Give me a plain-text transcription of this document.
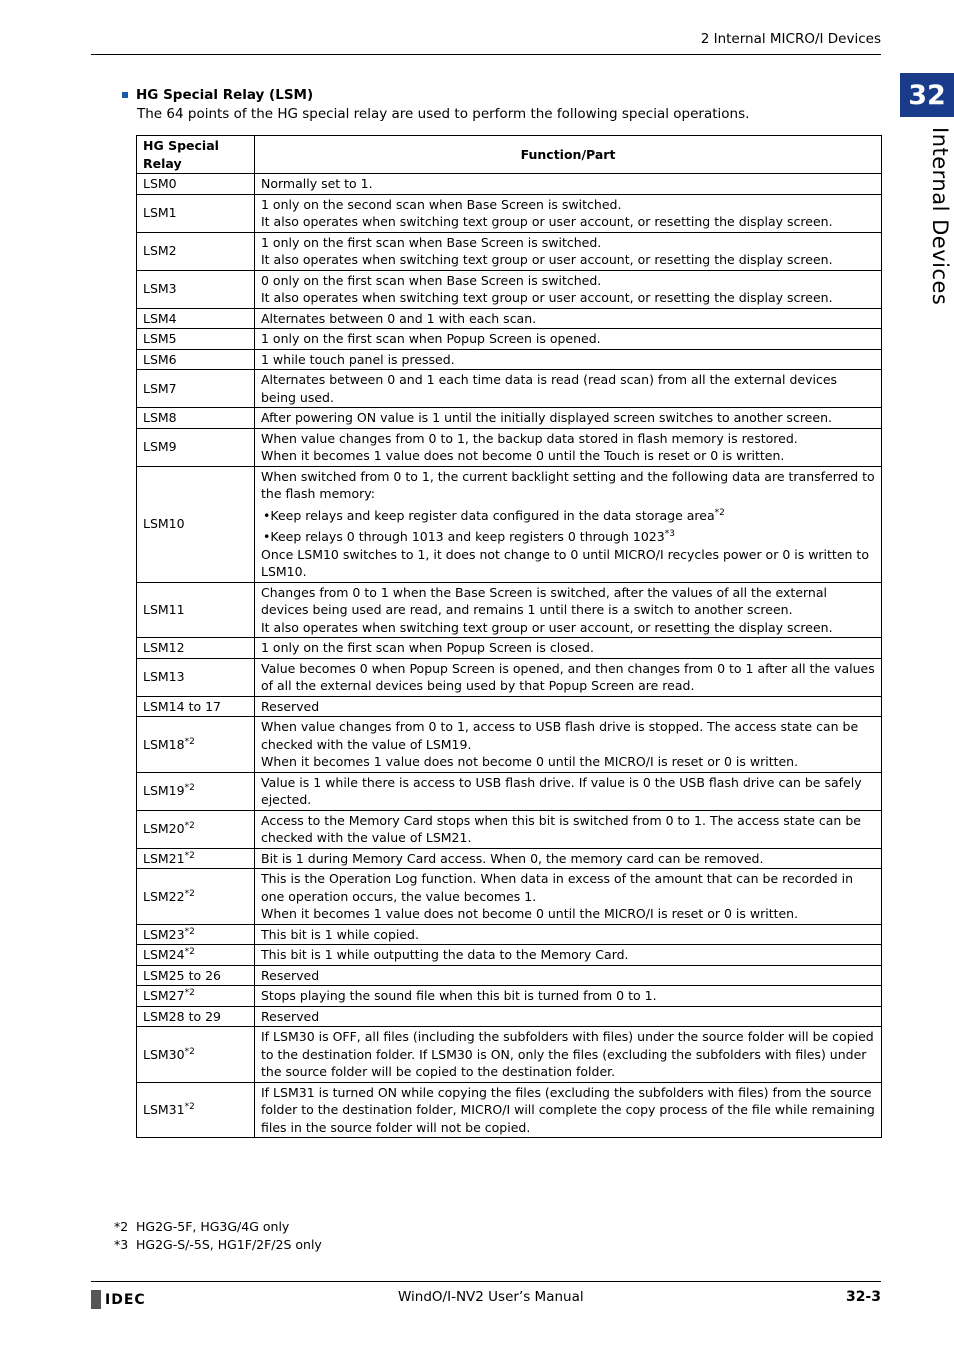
2 Internal MICRO/I Devices
32
Internal Devices
HG Special Relay (LSM)
The 64 points of the HG special relay are used to perform the following special operations.
HG Special Relay	Function/Part
LSM0	Normally set to 1.

LSM1	1 only on the second scan when Base Screen is switched.
It also operates when switching text group or user account, or resetting the display screen.

LSM2	1 only on the first scan when Base Screen is switched.
It also operates when switching text group or user account, or resetting the display screen.

LSM3	0 only on the first scan when Base Screen is switched.
It also operates when switching text group or user account, or resetting the display screen.

LSM4	Alternates between 0 and 1 with each scan.

LSM5	1 only on the first scan when Popup Screen is opened.

LSM6	1 while touch panel is pressed.

LSM7	Alternates between 0 and 1 each time data is read (read scan) from all the external devices being used.

LSM8	After powering ON value is 1 until the initially displayed screen switches to another screen.

LSM9	When value changes from 0 to 1, the backup data stored in flash memory is restored.
When it becomes 1 value does not become 0 until the Touch is reset or 0 is written.

LSM10	When switched from 0 to 1, the current backlight setting and the following data are transferred to the flash memory:
•Keep relays and keep register data configured in the data storage area$^{*2}$
•Keep relays 0 through 1013 and keep registers 0 through 1023$^{*3}$
Once LSM10 switches to 1, it does not change to 0 until MICRO/I recycles power or 0 is written to LSM10.

LSM11	Changes from 0 to 1 when the Base Screen is switched, after the values of all the external devices being used are read, and remains 1 until there is a switch to another screen.
It also operates when switching text group or user account, or resetting the display screen.

LSM12	1 only on the first scan when Popup Screen is closed.

LSM13	Value becomes 0 when Popup Screen is opened, and then changes from 0 to 1 after all the values of all the external devices being used by that Popup Screen are read.

LSM14 to 17	Reserved

LSM18$^{*2}$	When value changes from 0 to 1, access to USB flash drive is stopped. The access state can be checked with the value of LSM19.
When it becomes 1 value does not become 0 until the MICRO/I is reset or 0 is written.

LSM19$^{*2}$	Value is 1 while there is access to USB flash drive. If value is 0 the USB flash drive can be safely ejected.

LSM20$^{*2}$	Access to the Memory Card stops when this bit is switched from 0 to 1. The access state can be checked with the value of LSM21.

LSM21$^{*2}$	Bit is 1 during Memory Card access. When 0, the memory card can be removed.

LSM22$^{*2}$	This is the Operation Log function. When data in excess of the amount that can be recorded in one operation occurs, the value becomes 1.
When it becomes 1 value does not become 0 until the MICRO/I is reset or 0 is written.

LSM23$^{*2}$	This bit is 1 while copied.

LSM24$^{*2}$	This bit is 1 while outputting the data to the Memory Card.

LSM25 to 26	Reserved

LSM27$^{*2}$	Stops playing the sound file when this bit is turned from 0 to 1.

LSM28 to 29	Reserved

LSM30$^{*2}$	If LSM30 is OFF, all files (including the subfolders with files) under the source folder will be copied to the destination folder. If LSM30 is ON, only the files (excluding the subfolders with files) under the source folder will be copied to the destination folder.

LSM31$^{*2}$	If LSM31 is turned ON while copying the files (excluding the subfolders with files) from the source folder to the destination folder, MICRO/I will complete the copy process of the file while remaining files in the source folder will not be copied.
*2 HG2G-5F, HG3G/4G only
*3 HG2G-S/-5S, HG1F/2F/2S only
IDEC	WindO/I-NV2 User’s Manual	32-3
